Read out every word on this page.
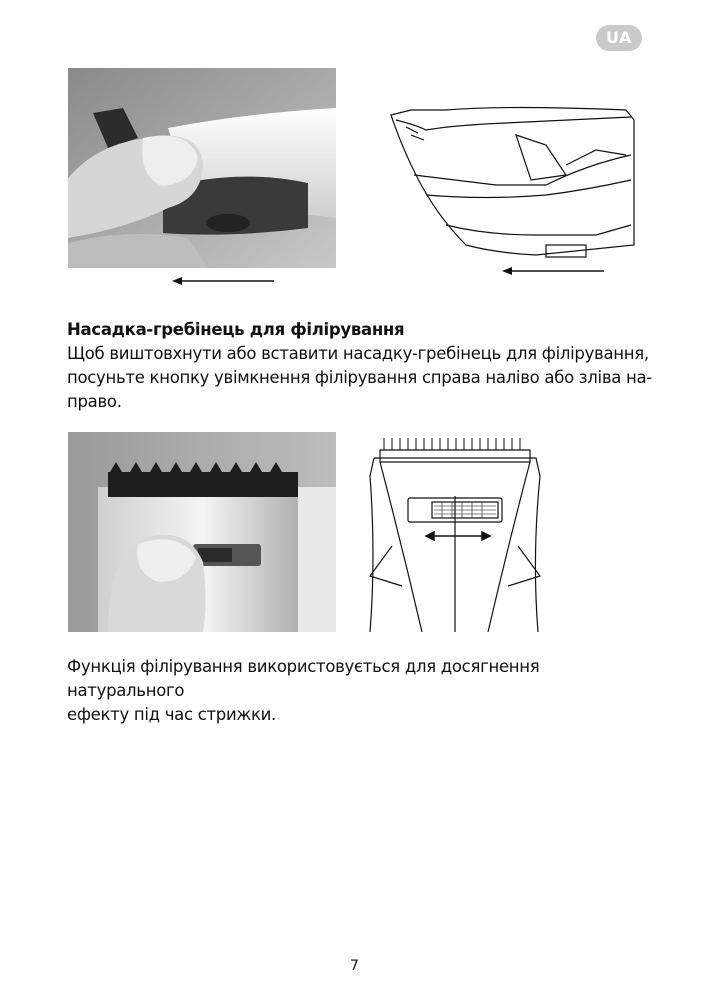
UA
Насадка-гребінець для філірування
Щоб виштовхнути або вставити насадку-гребінець для філірування,
посуньте кнопку увімкнення філірування справа наліво або зліва на-
право.
Функція філірування використовується для досягнення натурального
ефекту під час стрижки.
7
